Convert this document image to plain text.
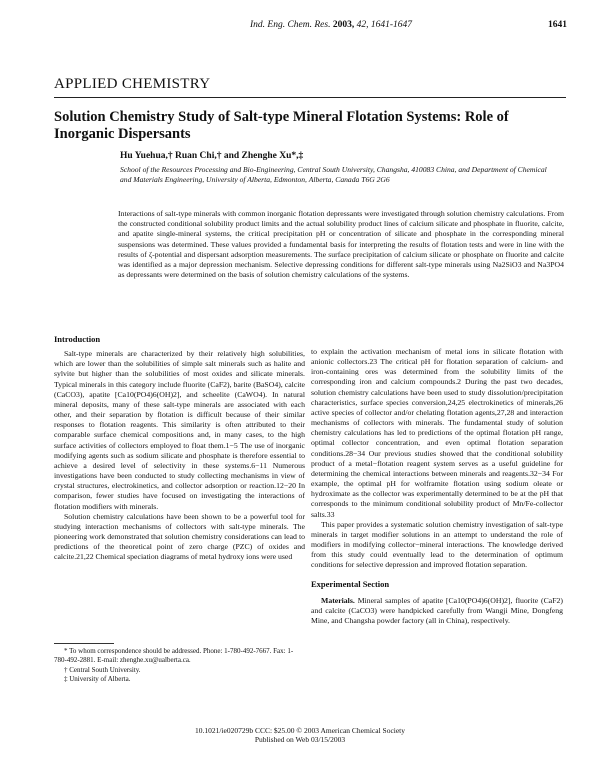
Ind. Eng. Chem. Res. 2003, 42, 1641-1647	1641
APPLIED CHEMISTRY
Solution Chemistry Study of Salt-type Mineral Flotation Systems: Role of Inorganic Dispersants
Hu Yuehua,† Ruan Chi,† and Zhenghe Xu*,‡
School of the Resources Processing and Bio-Engineering, Central South University, Changsha, 410083 China, and Department of Chemical and Materials Engineering, University of Alberta, Edmonton, Alberta, Canada T6G 2G6

Interactions of salt-type minerals with common inorganic flotation depressants were investigated through solution chemistry calculations. From the constructed conditional solubility product limits and the actual solubility product lines of calcium silicate and phosphate in fluorite, calcite, and apatite single-mineral systems, the critical precipitation pH or concentration of silicate and phosphate in the corresponding mineral suspensions was determined. These values provided a fundamental basis for interpreting the results of flotation tests and were in line with the results of ζ-potential and dispersant adsorption measurements. The surface precipitation of calcium silicate or phosphate on fluorite and calcite was identified as a major depression mechanism. Selective depressing conditions for different salt-type minerals using Na2SiO3 and Na3PO4 as depressants were determined on the basis of solution chemistry calculations of the systems.

Introduction

Salt-type minerals are characterized by their relatively high solubilities, which are lower than the solubilities of simple salt minerals such as halite and sylvite but higher than the solubilities of most oxides and silicate minerals. Typical minerals in this category include fluorite (CaF2), barite (BaSO4), calcite (CaCO3), apatite [Ca10(PO4)6(OH)2], and scheelite (CaWO4). In natural mineral deposits, many of these salt-type minerals are associated with each other, and their separation by flotation is difficult because of their similar responses to flotation reagents. This similarity is often attributed to their comparable surface chemical compositions and, in many cases, to the high surface activities of collectors employed to float them.1−5 The use of inorganic modifying agents such as sodium silicate and phosphate is therefore essential to achieve a desired level of selectivity in these systems.6−11 Numerous investigations have been conducted to study collecting mechanisms in view of crystal structures, electrokinetics, and collector adsorption or reaction.12−20 In comparison, fewer studies have focused on investigating the interactions of flotation modifiers with minerals.

Solution chemistry calculations have been shown to be a powerful tool for studying interaction mechanisms of collectors with salt-type minerals. The pioneering work demonstrated that solution chemistry considerations can lead to predictions of the theoretical point of zero charge (PZC) of oxides and calcite.21,22 Chemical speciation diagrams of metal hydroxy ions were used

* To whom correspondence should be addressed. Phone: 1-780-492-7667. Fax: 1-780-492-2881. E-mail: zhenghe.xu@ualberta.ca.

† Central South University.

‡ University of Alberta.

to explain the activation mechanism of metal ions in silicate flotation with anionic collectors.23 The critical pH for flotation separation of calcium- and iron-containing ores was determined from the solubility limits of the corresponding iron and calcium compounds.2 During the past two decades, solution chemistry calculations have been used to study dissolution/precipitation characteristics, surface species conversion,24,25 electrokinetics of minerals,26 active species of collector and/or chelating flotation agents,27,28 and interaction mechanisms of collectors with minerals. The fundamental study of solution chemistry calculations has led to predictions of the optimal flotation pH range, optimal collector concentration, and even optimal flotation separation conditions.28−34 Our previous studies showed that the conditional solubility product of a metal−flotation reagent system serves as a useful guideline for determining the chemical interactions between minerals and reagents.32−34 For example, the optimal pH for wolframite flotation using sodium oleate or hydroximate as the collector was experimentally determined to be at the pH that corresponds to the minimum conditional solubility product of Mn/Fe-collector salts.33

This paper provides a systematic solution chemistry investigation of salt-type minerals in target modifier solutions in an attempt to understand the role of modifiers in modifying collector−mineral interactions. The knowledge derived from this study could eventually lead to the determination of optimum conditions for selective depression and improved flotation separation.

Experimental Section

Materials. Mineral samples of apatite [Ca10(PO4)6(OH)2], fluorite (CaF2) and calcite (CaCO3) were handpicked carefully from Wangji Mine, Dongfeng Mine, and Changsha powder factory (all in China), respectively.

10.1021/ie020729b CCC: $25.00 © 2003 American Chemical Society
Published on Web 03/15/2003
